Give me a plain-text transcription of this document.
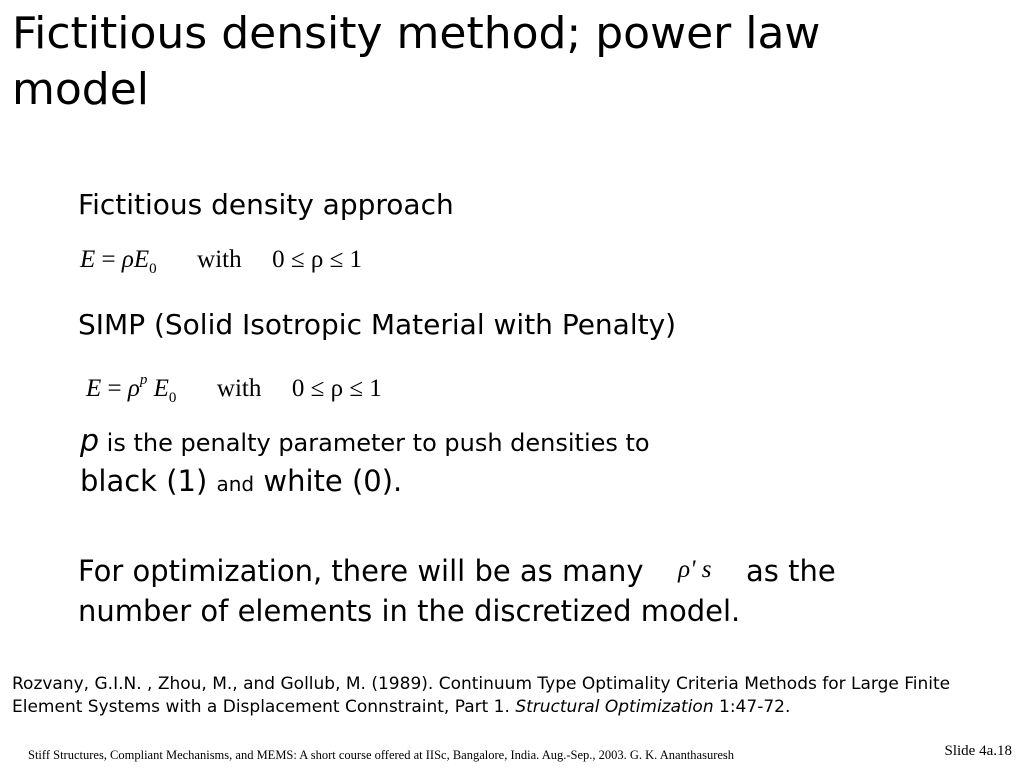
Fictitious density method; power law model
Fictitious density approach
$E = \rho E_0$ with 0 ≤ ρ ≤ 1
SIMP (Solid Isotropic Material with Penalty)
$E = \rho^p$ $E_0$ with 0 ≤ ρ ≤ 1
p is the penalty parameter to push densities to
black (1) and white (0).
For optimization, there will be as many ρ' s as the number of elements in the discretized model.
Rozvany, G.I.N. , Zhou, M., and Gollub, M. (1989). Continuum Type Optimality Criteria Methods for Large Finite Element Systems with a Displacement Connstraint, Part 1. Structural Optimization 1:47-72.
Stiff Structures, Compliant Mechanisms, and MEMS: A short course offered at IISc, Bangalore, India. Aug.-Sep., 2003. G. K. Ananthasuresh	Slide 4a.18
